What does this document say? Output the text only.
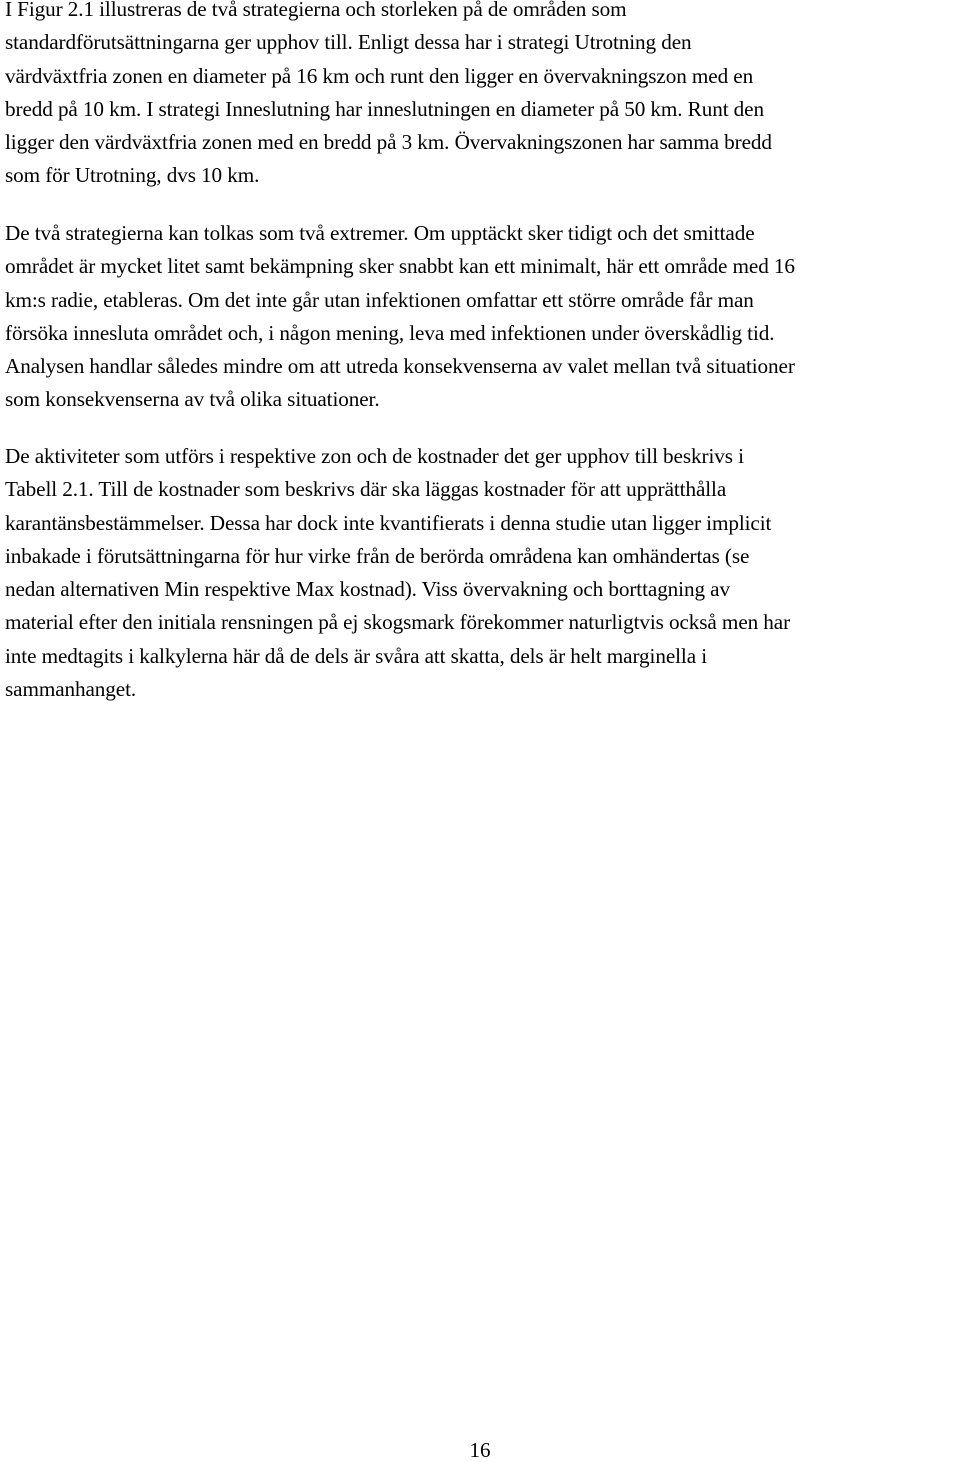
I Figur 2.1 illustreras de två strategierna och storleken på de områden som
standardförutsättningarna ger upphov till. Enligt dessa har i strategi Utrotning den
värdväxtfria zonen en diameter på 16 km och runt den ligger en övervakningszon med en
bredd på 10 km. I strategi Inneslutning har inneslutningen en diameter på 50 km. Runt den
ligger den värdväxtfria zonen med en bredd på 3 km. Övervakningszonen har samma bredd
som för Utrotning, dvs 10 km.

De två strategierna kan tolkas som två extremer. Om upptäckt sker tidigt och det smittade
området är mycket litet samt bekämpning sker snabbt kan ett minimalt, här ett område med 16
km:s radie, etableras. Om det inte går utan infektionen omfattar ett större område får man
försöka innesluta området och, i någon mening, leva med infektionen under överskådlig tid.
Analysen handlar således mindre om att utreda konsekvenserna av valet mellan två situationer
som konsekvenserna av två olika situationer.

De aktiviteter som utförs i respektive zon och de kostnader det ger upphov till beskrivs i
Tabell 2.1. Till de kostnader som beskrivs där ska läggas kostnader för att upprätthålla
karantänsbestämmelser. Dessa har dock inte kvantifierats i denna studie utan ligger implicit
inbakade i förutsättningarna för hur virke från de berörda områdena kan omhändertas (se
nedan alternativen Min respektive Max kostnad). Viss övervakning och borttagning av
material efter den initiala rensningen på ej skogsmark förekommer naturligtvis också men har
inte medtagits i kalkylerna här då de dels är svåra att skatta, dels är helt marginella i
sammanhanget.

16
